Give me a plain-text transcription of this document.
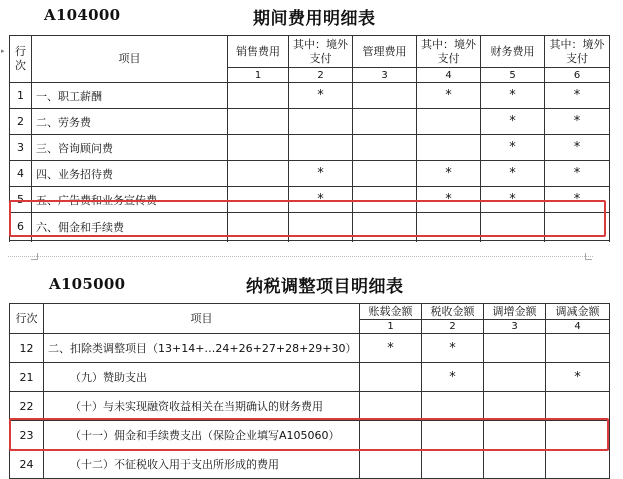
A104000	期间费用明细表
行次	项目	销售费用	其中：境外支付	管理费用	其中：境外支付	财务费用	其中：境外支付
		1	2	3	4	5	6
1	一、职工薪酬		*		*	*	*
2	二、劳务费					*	*
3	三、咨询顾问费					*	*
4	四、业务招待费		*		*	*	*
5	五、广告费和业务宣传费		*		*	*	*
6	六、佣金和手续费						

▸
A105000	纳税调整项目明细表
行次	项目	账载金额	税收金额	调增金额	调减金额
		1	2	3	4
12	二、扣除类调整项目（13+14+…24+26+27+28+29+30）	*	*		
21	（九）赞助支出		*		*
22	（十）与未实现融资收益相关在当期确认的财务费用				
23	（十一）佣金和手续费支出（保险企业填写A105060）				
24	（十二）不征税收入用于支出所形成的费用				
